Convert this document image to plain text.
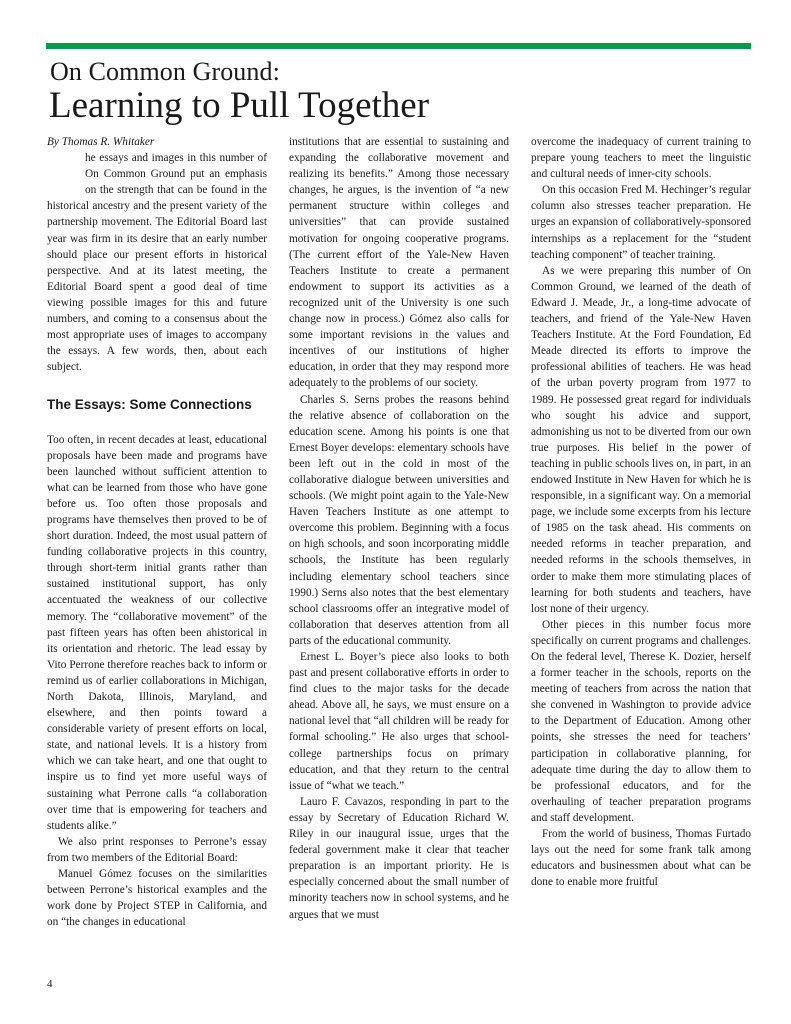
On Common Ground:
Learning to Pull Together

By Thomas R. Whitaker

he essays and images in this number of On Common Ground put an emphasis on the strength that can be found in the historical ancestry and the present variety of the partnership movement. The Editorial Board last year was firm in its desire that an early number should place our present efforts in historical perspective. And at its latest meeting, the Editorial Board spent a good deal of time viewing possible images for this and future numbers, and coming to a consensus about the most appropriate uses of images to accompany the essays. A few words, then, about each subject.

The Essays: Some Connections

Too often, in recent decades at least, educational proposals have been made and programs have been launched without sufficient attention to what can be learned from those who have gone before us. Too often those proposals and programs have themselves then proved to be of short duration. Indeed, the most usual pattern of funding collaborative projects in this country, through short-term initial grants rather than sustained institutional support, has only accentuated the weakness of our collective memory. The “collaborative movement” of the past fifteen years has often been ahistorical in its orientation and rhetoric. The lead essay by Vito Perrone therefore reaches back to inform or remind us of earlier collaborations in Michigan, North Dakota, Illinois, Maryland, and elsewhere, and then points toward a considerable variety of present efforts on local, state, and national levels. It is a history from which we can take heart, and one that ought to inspire us to find yet more useful ways of sustaining what Perrone calls “a collaboration over time that is empowering for teachers and students alike.”

We also print responses to Perrone’s essay from two members of the Editorial Board:

Manuel Gómez focuses on the similarities between Perrone’s historical examples and the work done by Project STEP in California, and on “the changes in educational

institutions that are essential to sustaining and expanding the collaborative movement and realizing its benefits.” Among those necessary changes, he argues, is the invention of “a new permanent structure within colleges and universities” that can provide sustained motivation for ongoing cooperative programs. (The current effort of the Yale-New Haven Teachers Institute to create a permanent endowment to support its activities as a recognized unit of the University is one such change now in process.) Gómez also calls for some important revisions in the values and incentives of our institutions of higher education, in order that they may respond more adequately to the problems of our society.

Charles S. Serns probes the reasons behind the relative absence of collaboration on the education scene. Among his points is one that Ernest Boyer develops: elementary schools have been left out in the cold in most of the collaborative dialogue between universities and schools. (We might point again to the Yale-New Haven Teachers Institute as one attempt to overcome this problem. Beginning with a focus on high schools, and soon incorporating middle schools, the Institute has been regularly including elementary school teachers since 1990.) Serns also notes that the best elementary school classrooms offer an integrative model of collaboration that deserves attention from all parts of the educational community.

Ernest L. Boyer’s piece also looks to both past and present collaborative efforts in order to find clues to the major tasks for the decade ahead. Above all, he says, we must ensure on a national level that “all children will be ready for formal schooling.” He also urges that school-college partnerships focus on primary education, and that they return to the central issue of “what we teach.”

Lauro F. Cavazos, responding in part to the essay by Secretary of Education Richard W. Riley in our inaugural issue, urges that the federal government make it clear that teacher preparation is an important priority. He is especially concerned about the small number of minority teachers now in school systems, and he argues that we must

overcome the inadequacy of current training to prepare young teachers to meet the linguistic and cultural needs of inner-city schools.

On this occasion Fred M. Hechinger’s regular column also stresses teacher preparation. He urges an expansion of collaboratively-sponsored internships as a replacement for the “student teaching component” of teacher training.

As we were preparing this number of On Common Ground, we learned of the death of Edward J. Meade, Jr., a long-time advocate of teachers, and friend of the Yale-New Haven Teachers Institute. At the Ford Foundation, Ed Meade directed its efforts to improve the professional abilities of teachers. He was head of the urban poverty program from 1977 to 1989. He possessed great regard for individuals who sought his advice and support, admonishing us not to be diverted from our own true purposes. His belief in the power of teaching in public schools lives on, in part, in an endowed Institute in New Haven for which he is responsible, in a significant way. On a memorial page, we include some excerpts from his lecture of 1985 on the task ahead. His comments on needed reforms in teacher preparation, and needed reforms in the schools themselves, in order to make them more stimulating places of learning for both students and teachers, have lost none of their urgency.

Other pieces in this number focus more specifically on current programs and challenges. On the federal level, Therese K. Dozier, herself a former teacher in the schools, reports on the meeting of teachers from across the nation that she convened in Washington to provide advice to the Department of Education. Among other points, she stresses the need for teachers’ participation in collaborative planning, for adequate time during the day to allow them to be professional educators, and for the overhauling of teacher preparation programs and staff development.

From the world of business, Thomas Furtado lays out the need for some frank talk among educators and businessmen about what can be done to enable more fruitful

4
